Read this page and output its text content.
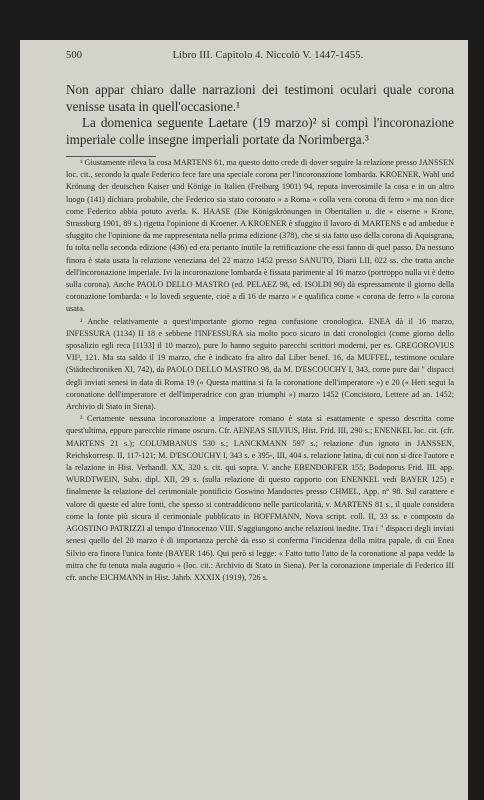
500	Libro III. Capitolo 4. Niccolò V. 1447-1455.

Non appar chiaro dalle narrazioni dei testimoni oculari quale corona venisse usata in quell'occasione.¹

La domenica seguente Laetare (19 marzo)² si compì l'incoronazione imperiale colle insegne imperiali portate da Norimberga.³

¹ Giustamente rileva la cosa MARTENS 61, ma questo dotto crede di dover seguire la relazione presso JANSSEN loc. cit., secondo la quale Federico fece fare una speciale corona per l'incoronazione lombarda. KROENER, Wahl und Krönung der deutschen Kaiser und Könige in Italien (Freiburg 1901) 94, reputa inverosimile la cosa e in un altro luogo (141) dichiara probabile, che Federico sia stato coronato » a Roma « colla vera corona di ferro » ma non dice come Federico abbia potuto averla. K. HAASE (Die Königskrönungen in Oberitalien u. die « eiserne » Krone, Strassburg 1901, 89 s.) rigetta l'opinione di Kroener. A KROENER è sfuggito il lavoro di MARTENS e ad ambedue è sfuggito che l'opinione da me rappresentata nella prima edizione (378), che si sia fatto uso della corona di Aquisgrana, fu tolta nella seconda edizione (436) ed era pertanto inutile la rettificazione che essi fanno di quel passo. Da nessuno finora è stata usata la relazione veneziana del 22 marzo 1452 presso SANUTO, Diarii LII, 022 ss. che tratta anche dell'incoronazione imperiale. Ivi la incoronazione lombarda è fissata parimente al 16 marzo (portroppo nulla vi è detto sulla corona). Anche PAOLO DELLO MASTRO (ed. PELAEZ 98, ed. ISOLDI 90) dà espressamente il giorno della coronazione lombarda: « lo lovedì seguente, cioè a dì 16 de marzo » e qualifica come « corona de ferro » la corona usata.

² Anche relativamente a quest'importante giorno regna confusione cronologica. ENEA dà il 16 marzo, INFESSURA (1134) II 18 e sebbene l'INFESSURA sia molto poco sicuro in dati cronologici (come giorno dello sposalizio egli reca [1133] il 10 marzo), pure lo hanno seguito parecchi scrittori moderni, per es. GREGOROVIUS VII³, 121. Ma sta saldo il 19 marzo, che è indicato fra altro dal Liber benef. 16, da MUFFEL, testimone oculare (Städtechroniken XI, 742), da PAOLO DELLO MASTRO 98, da M. D'ESCOUCHY I, 343, come pure dai " dispacci degli inviati senesi in data di Roma 19 (« Questa mattina si fa la coronatione dell'imperatore ») e 20 (« Heri segui la coronatione dell'imperatore et dell'imperadrice con gran triumphi ») marzo 1452 (Concistoro, Lettere ad an. 1452; Archivio di Stato in Siena).

³ Certamente nessuna incoronazione a imperatore romano è stata sì esattamente e spesso descritta come quest'ultima, eppure parecchie rimane oscuro. Cfr. AENEAS SILVIUS, Hist. Frid. III, 290 s.; ENENKEL loc. cit. (cfr. MARTENS 21 s.); COLUMBANUS 530 s.; LANCKMANN 597 s.; relazione d'un ignoto in JANSSEN, Reichskorresp. II, 117-121; M. D'ESCOUCHY I, 343 s. e 395-, III, 404 s. relazione latina, di cui non si dice l'autore e la relazione in Hist. Verhandl. XX, 320 s. cit. qui sopra. V. anche EBENDORFER 155; Bodoporus Frid. III. app. WURDTWEIN, Subs. dipl. XII, 29 s. (sulla relazione di questo rapporto con ENENKEL vedi BAYER 125) e finalmente la relazione del cerimoniale pontificio Goswino Mandoctes presso CHMEL, App. n° 98. Sul carattere e valore di queste ed altre fonti, che spesso si contraddicono nelle particolarità, v. MARTENS 81 s., il quale considera come la fonte più sicura il cerimoniale pubblicato in HOFFMANN, Nova script. coll. II, 33 ss. e composto da AGOSTINO PATRIZZI al tempo d'Innocenzo VIII. S'aggiungono anche relazioni inedite. Tra i " dispacci degli inviati senesi quello del 20 marzo è di importanza perchè da esso si conferma l'incidenza della mitra papale, di cui Enea Silvio era finora l'unica fonte (BAYER 146). Qui però si legge: « Fatto tutto l'atto de la coronatione al papa vedde la mitra che fu tenuta mala augurio » (loc. cit.: Archivio di Stato in Siena). Per la coronazione imperiale di Federico III cfr. anche EICHMANN in Hist. Jahrb. XXXIX (1919), 726 s.
